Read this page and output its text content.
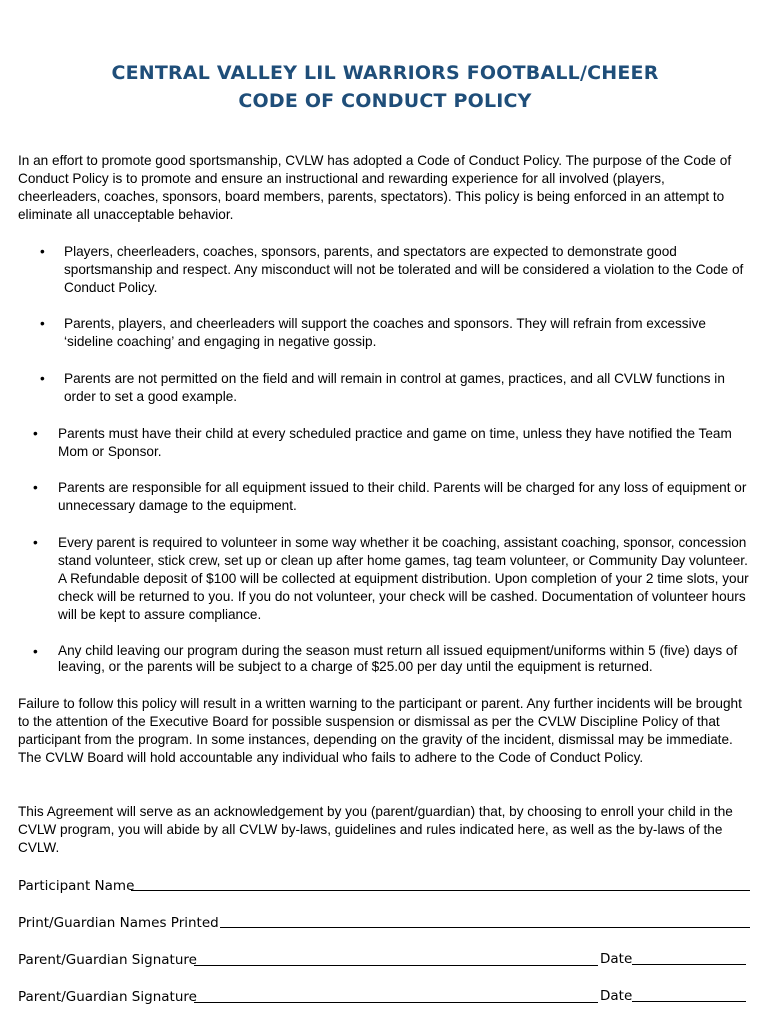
CENTRAL VALLEY LIL WARRIORS FOOTBALL/CHEER
CODE OF CONDUCT POLICY

In an effort to promote good sportsmanship, CVLW has adopted a Code of Conduct Policy. The purpose of the Code of Conduct Policy is to promote and ensure an instructional and rewarding experience for all involved (players, cheerleaders, coaches, sponsors, board members, parents, spectators). This policy is being enforced in an attempt to eliminate all unacceptable behavior.

• Players, cheerleaders, coaches, sponsors, parents, and spectators are expected to demonstrate good sportsmanship and respect. Any misconduct will not be tolerated and will be considered a violation to the Code of Conduct Policy.

• Parents, players, and cheerleaders will support the coaches and sponsors. They will refrain from excessive ‘sideline coaching’ and engaging in negative gossip.

• Parents are not permitted on the field and will remain in control at games, practices, and all CVLW functions in order to set a good example.

• Parents must have their child at every scheduled practice and game on time, unless they have notified the Team Mom or Sponsor.

• Parents are responsible for all equipment issued to their child. Parents will be charged for any loss of equipment or unnecessary damage to the equipment.

• Every parent is required to volunteer in some way whether it be coaching, assistant coaching, sponsor, concession stand volunteer, stick crew, set up or clean up after home games, tag team volunteer, or Community Day volunteer. A Refundable deposit of $100 will be collected at equipment distribution. Upon completion of your 2 time slots, your check will be returned to you. If you do not volunteer, your check will be cashed. Documentation of volunteer hours will be kept to assure compliance.

• Any child leaving our program during the season must return all issued equipment/uniforms within 5 (five) days of leaving, or the parents will be subject to a charge of $25.00 per day until the equipment is returned.

Failure to follow this policy will result in a written warning to the participant or parent. Any further incidents will be brought to the attention of the Executive Board for possible suspension or dismissal as per the CVLW Discipline Policy of that participant from the program. In some instances, depending on the gravity of the incident, dismissal may be immediate. The CVLW Board will hold accountable any individual who fails to adhere to the Code of Conduct Policy.

This Agreement will serve as an acknowledgement by you (parent/guardian) that, by choosing to enroll your child in the CVLW program, you will abide by all CVLW by-laws, guidelines and rules indicated here, as well as the by-laws of the CVLW.

Participant Name
Print/Guardian Names Printed
Parent/Guardian Signature	Date
Parent/Guardian Signature	Date
